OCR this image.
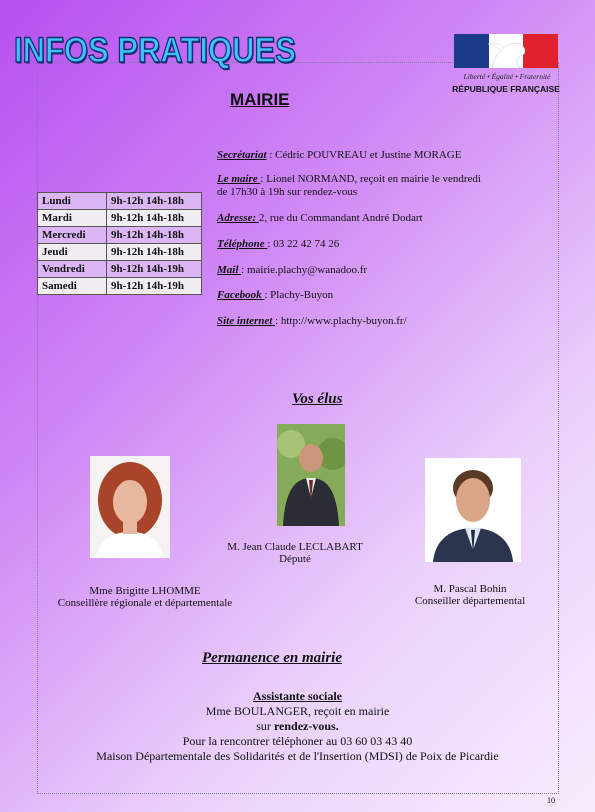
INFOS PRATIQUES
Liberté • Égalité • Fraternité
RÉPUBLIQUE FRANÇAISE
MAIRIE
Lundi	9h-12h 14h-18h
Mardi	9h-12h 14h-18h
Mercredi	9h-12h 14h-18h
Jeudi	9h-12h 14h-18h
Vendredi	9h-12h 14h-19h
Samedi	9h-12h 14h-19h
Secrétariat : Cédric POUVREAU et Justine MORAGE
Le maire : Lionel NORMAND, reçoit en mairie le vendredi
de 17h30 à 19h sur rendez-vous
Adresse: 2, rue du Commandant André Dodart
Téléphone : 03 22 42 74 26
Mail : mairie.plachy@wanadoo.fr
Facebook : Plachy-Buyon
Site internet : http://www.plachy-buyon.fr/
Vos élus
Mme Brigitte LHOMME
Conseillère régionale et départementale
M. Jean Claude LECLABART
Député
M. Pascal Bohin
Conseiller départemental
Permanence en mairie
Assistante sociale
Mme BOULANGER, reçoit en mairie
sur rendez-vous.
Pour la rencontrer téléphoner au 03 60 03 43 40
Maison Départementale des Solidarités et de l'Insertion (MDSI) de Poix de Picardie
10
